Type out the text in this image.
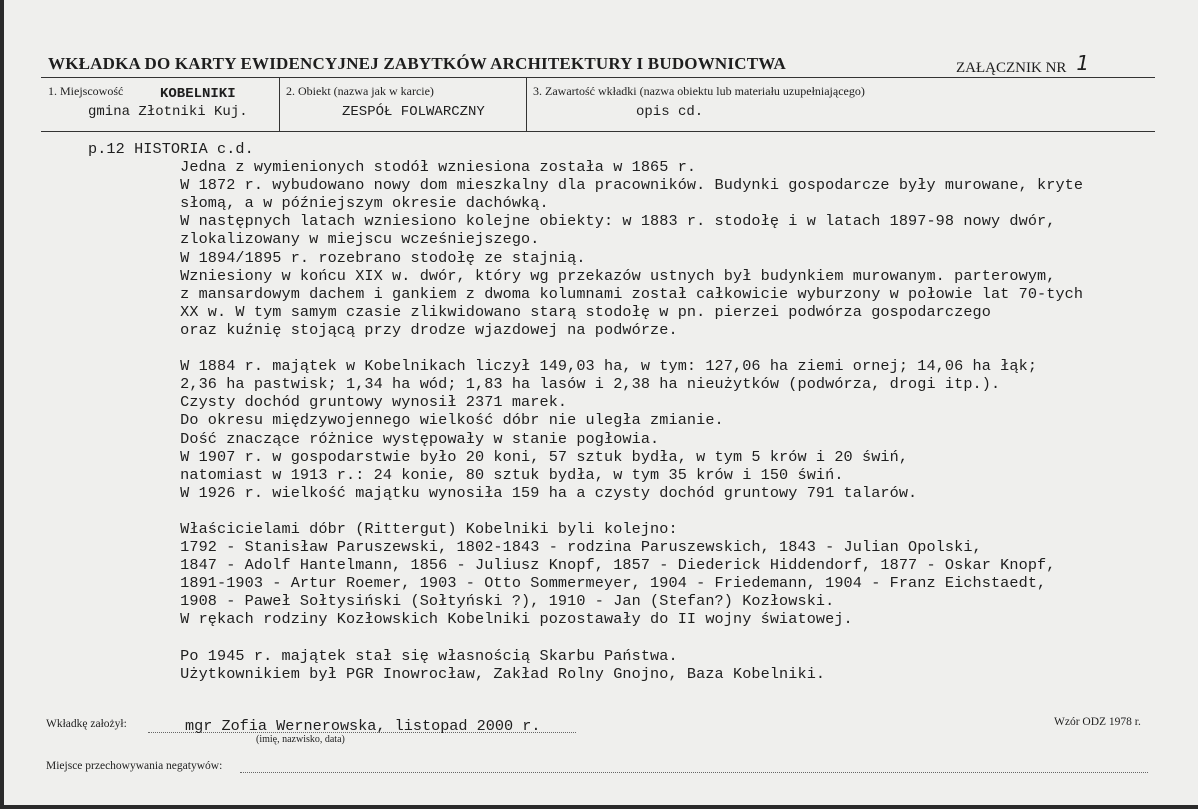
WKŁADKA DO KARTY EWIDENCYJNEJ ZABYTKÓW ARCHITEKTURY I BUDOWNICTWA	ZAŁĄCZNIK NR 1
1. Miejscowość	KOBELNIKI
gmina Złotniki Kuj.
2. Obiekt (nazwa jak w karcie)
ZESPÓŁ FOLWARCZNY
3. Zawartość wkładki (nazwa obiektu lub materiału uzupełniającego)
opis cd.
p.12 HISTORIA c.d.
Jedna z wymienionych stodół wzniesiona została w 1865 r.
W 1872 r. wybudowano nowy dom mieszkalny dla pracowników. Budynki gospodarcze były murowane, kryte
słomą, a w późniejszym okresie dachówką.
W następnych latach wzniesiono kolejne obiekty: w 1883 r. stodołę i w latach 1897-98 nowy dwór,
zlokalizowany w miejscu wcześniejszego.
W 1894/1895 r. rozebrano stodołę ze stajnią.
Wzniesiony w końcu XIX w. dwór, który wg przekazów ustnych był budynkiem murowanym. parterowym,
z mansardowym dachem i gankiem z dwoma kolumnami został całkowicie wyburzony w połowie lat 70-tych
XX w. W tym samym czasie zlikwidowano starą stodołę w pn. pierzei podwórza gospodarczego
oraz kuźnię stojącą przy drodze wjazdowej na podwórze.
W 1884 r. majątek w Kobelnikach liczył 149,03 ha, w tym: 127,06 ha ziemi ornej; 14,06 ha łąk;
2,36 ha pastwisk; 1,34 ha wód; 1,83 ha lasów i 2,38 ha nieużytków (podwórza, drogi itp.).
Czysty dochód gruntowy wynosił 2371 marek.
Do okresu międzywojennego wielkość dóbr nie uległa zmianie.
Dość znaczące różnice występowały w stanie pogłowia.
W 1907 r. w gospodarstwie było 20 koni, 57 sztuk bydła, w tym 5 krów i 20 świń,
natomiast w 1913 r.: 24 konie, 80 sztuk bydła, w tym 35 krów i 150 świń.
W 1926 r. wielkość majątku wynosiła 159 ha a czysty dochód gruntowy 791 talarów.
Właścicielami dóbr (Rittergut) Kobelniki byli kolejno:
1792 - Stanisław Paruszewski, 1802-1843 - rodzina Paruszewskich, 1843 - Julian Opolski,
1847 - Adolf Hantelmann, 1856 - Juliusz Knopf, 1857 - Diederick Hiddendorf, 1877 - Oskar Knopf,
1891-1903 - Artur Roemer, 1903 - Otto Sommermeyer, 1904 - Friedemann, 1904 - Franz Eichstaedt,
1908 - Paweł Sołtysiński (Sołtyński ?), 1910 - Jan (Stefan?) Kozłowski.
W rękach rodziny Kozłowskich Kobelniki pozostawały do II wojny światowej.
Po 1945 r. majątek stał się własnością Skarbu Państwa.
Użytkownikiem był PGR Inowrocław, Zakład Rolny Gnojno, Baza Kobelniki.
Wkładkę założył:	mgr Zofia Wernerowska, listopad 2000 r.
(imię, nazwisko, data)
Wzór ODZ 1978 r.
Miejsce przechowywania negatywów:
